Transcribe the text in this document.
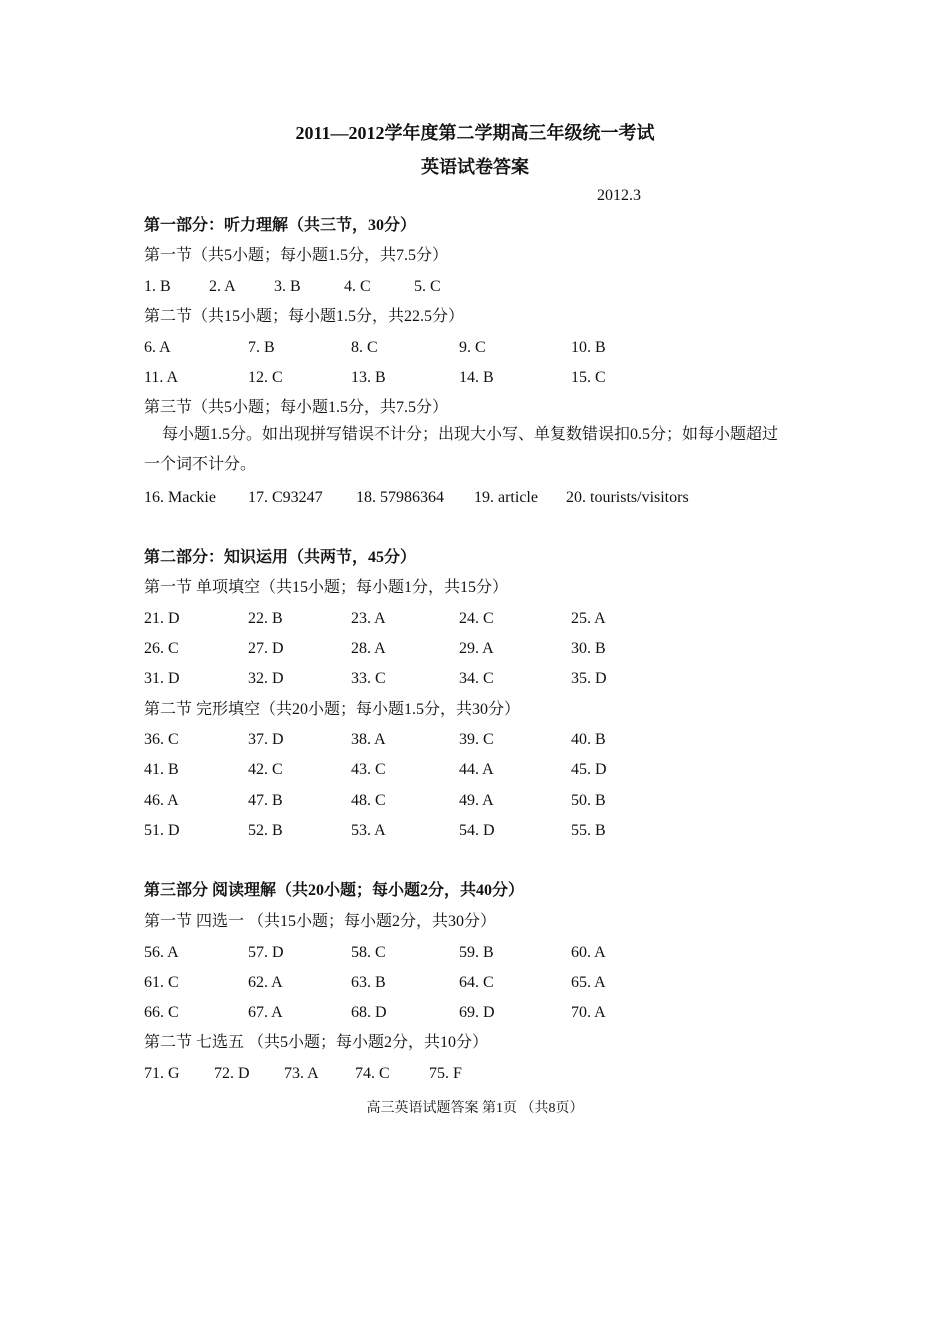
2011—2012学年度第二学期高三年级统一考试
英语试卷答案
2012.3
第一部分：听力理解（共三节，30分）
第一节（共5小题；每小题1.5分，共7.5分）
1. B 2. A 3. B	4. C	5. C
第二节（共15小题；每小题1.5分，共22.5分）
6. A	7. B	8. C	9. C	10. B
11. A	12. C	13. B	14. B	15. C
第三节（共5小题；每小题1.5分，共7.5分）
每小题1.5分。如出现拼写错误不计分；出现大小写、单复数错误扣0.5分；如每小题超过
一个词不计分。
16. Mackie 17. C93247 18. 57986364 19. article 20. tourists/visitors
第二部分：知识运用（共两节，45分）
第一节 单项填空（共15小题；每小题1分，共15分）
21. D	22. B	23. A	24. C	25. A
26. C	27. D	28. A	29. A	30. B
31. D	32. D	33. C	34. C	35. D
第二节 完形填空（共20小题；每小题1.5分，共30分）
36. C	37. D	38. A	39. C	40. B
41. B	42. C	43. C	44. A	45. D
46. A	47. B	48. C	49. A	50. B
51. D	52. B	53. A	54. D	55. B
第三部分 阅读理解（共20小题；每小题2分，共40分）
第一节 四选一 （共15小题；每小题2分，共30分）
56. A	57. D	58. C	59. B	60. A
61. C	62. A	63. B	64. C	65. A
66. C	67. A	68. D	69. D	70. A
第二节 七选五 （共5小题；每小题2分，共10分）
71. G 72. D 73. A 74. C 75. F
高三英语试题答案 第1页 （共8页）
